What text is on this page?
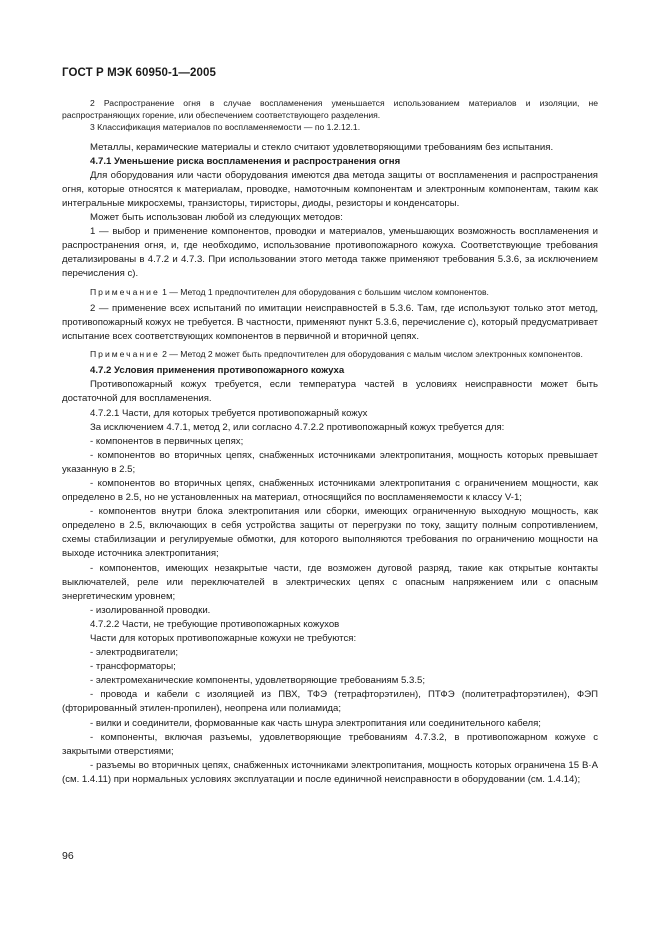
ГОСТ Р МЭК 60950-1—2005

2 Распространение огня в случае воспламенения уменьшается использованием материалов и изоляции, не распространяющих горение, или обеспечением соответствующего разделения.

3 Классификация материалов по воспламеняемости — по 1.2.12.1.

Металлы, керамические материалы и стекло считают удовлетворяющими требованиям без испытания.

4.7.1 Уменьшение риска воспламенения и распространения огня

Для оборудования или части оборудования имеются два метода защиты от воспламенения и распространения огня, которые относятся к материалам, проводке, намоточным компонентам и электронным компонентам, таким как интегральные микросхемы, транзисторы, тиристоры, диоды, резисторы и конденсаторы.

Может быть использован любой из следующих методов:

1 — выбор и применение компонентов, проводки и материалов, уменьшающих возможность воспламенения и распространения огня, и, где необходимо, использование противопожарного кожуха. Соответствующие требования детализированы в 4.7.2 и 4.7.3. При использовании этого метода также применяют требования 5.3.6, за исключением перечисления с).

Примечание 1 — Метод 1 предпочтителен для оборудования с большим числом компонентов.

2 — применение всех испытаний по имитации неисправностей в 5.3.6. Там, где используют только этот метод, противопожарный кожух не требуется. В частности, применяют пункт 5.3.6, перечисление с), который предусматривает испытание всех соответствующих компонентов в первичной и вторичной цепях.

Примечание 2 — Метод 2 может быть предпочтителен для оборудования с малым числом электронных компонентов.

4.7.2 Условия применения противопожарного кожуха

Противопожарный кожух требуется, если температура частей в условиях неисправности может быть достаточной для воспламенения.

4.7.2.1 Части, для которых требуется противопожарный кожух

За исключением 4.7.1, метод 2, или согласно 4.7.2.2 противопожарный кожух требуется для:

- компонентов в первичных цепях;

- компонентов во вторичных цепях, снабженных источниками электропитания, мощность которых превышает указанную в 2.5;

- компонентов во вторичных цепях, снабженных источниками электропитания с ограничением мощности, как определено в 2.5, но не установленных на материал, относящийся по воспламеняемости к классу V-1;

- компонентов внутри блока электропитания или сборки, имеющих ограниченную выходную мощность, как определено в 2.5, включающих в себя устройства защиты от перегрузки по току, защиту полным сопротивлением, схемы стабилизации и регулируемые обмотки, для которого выполняются требования по ограничению мощности на выходе источника электропитания;

- компонентов, имеющих незакрытые части, где возможен дуговой разряд, такие как открытые контакты выключателей, реле или переключателей в электрических цепях с опасным напряжением или с опасным энергетическим уровнем;

- изолированной проводки.

4.7.2.2 Части, не требующие противопожарных кожухов

Части для которых противопожарные кожухи не требуются:

- электродвигатели;

- трансформаторы;

- электромеханические компоненты, удовлетворяющие требованиям 5.3.5;

- провода и кабели с изоляцией из ПВХ, ТФЭ (тетрафторэтилен), ПТФЭ (политетрафторэтилен), ФЭП (фторированный этилен-пропилен), неопрена или полиамида;

- вилки и соединители, формованные как часть шнура электропитания или соединительного кабеля;

- компоненты, включая разъемы, удовлетворяющие требованиям 4.7.3.2, в противопожарном кожухе с закрытыми отверстиями;

- разъемы во вторичных цепях, снабженных источниками электропитания, мощность которых ограничена 15 В·А (см. 1.4.11) при нормальных условиях эксплуатации и после единичной неисправности в оборудовании (см. 1.4.14);

96
